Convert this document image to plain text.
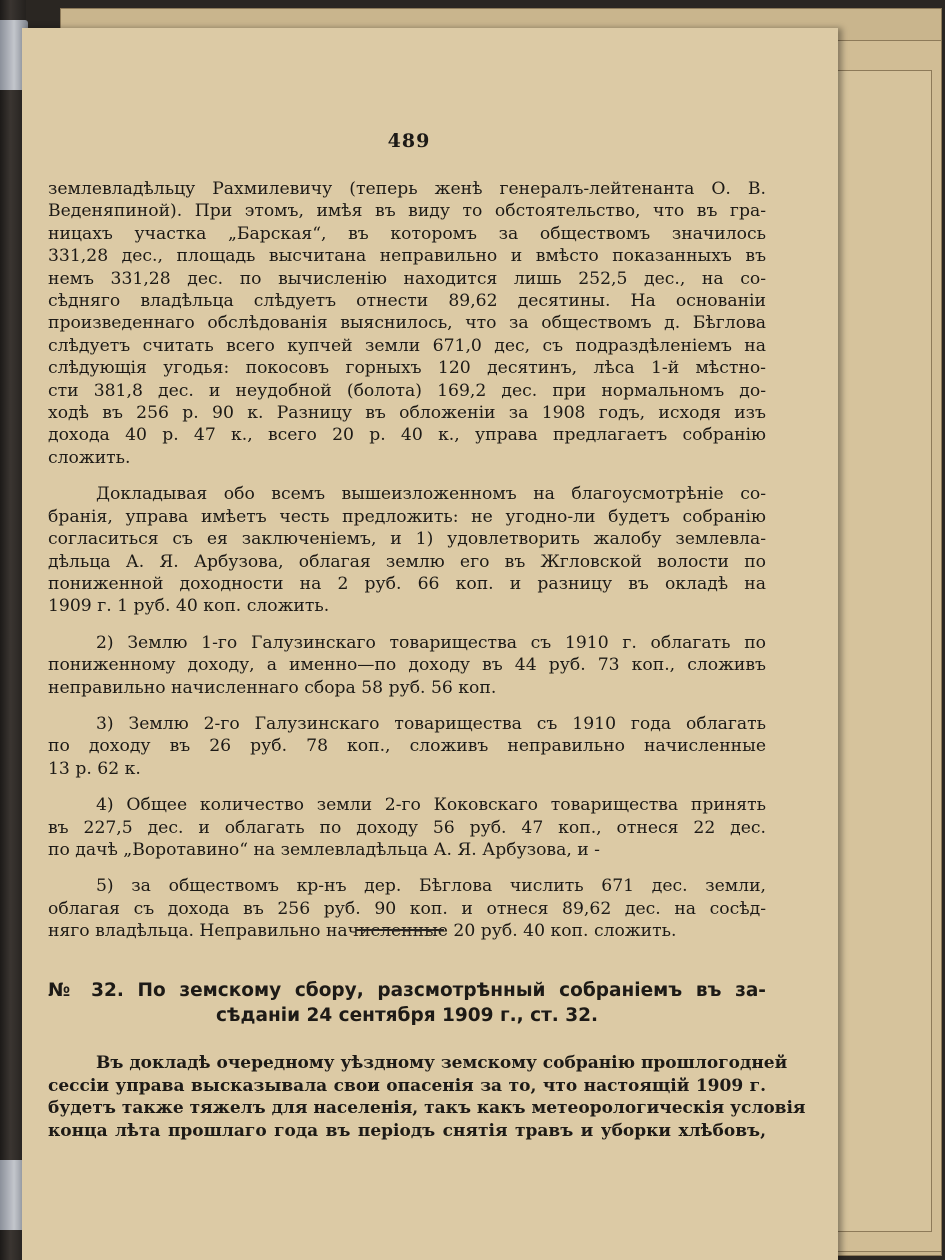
489
землевладѣльцу Рахмилевичу (теперь женѣ генералъ-лейтенанта О. В.
Веденяпиной). При этомъ, имѣя въ виду то обстоятельство, что въ гра-
ницахъ участка „Барская“, въ которомъ за обществомъ значилось
331,28 дес., площадь высчитана неправильно и вмѣсто показанныхъ въ
немъ 331,28 дес. по вычисленiю находится лишь 252,5 дес., на со-
сѣдняго владѣльца слѣдуетъ отнести 89,62 десятины. На основанiи
произведеннаго обслѣдованiя выяснилось, что за обществомъ д. Бѣглова
слѣдуетъ считать всего купчей земли 671,0 дес, съ подраздѣленiемъ на
слѣдующiя угодья: покосовъ горныхъ 120 десятинъ, лѣса 1-й мѣстно-
сти 381,8 дес. и неудобной (болота) 169,2 дес. при нормальномъ до-
ходѣ въ 256 р. 90 к. Разницу въ обложенiи за 1908 годъ, исходя изъ
дохода 40 р. 47 к., всего 20 р. 40 к., управа предлагаетъ собранiю
сложить.
Докладывая обо всемъ вышеизложенномъ на благоусмотрѣнiе со-
бранiя, управа имѣетъ честь предложить: не угодно-ли будетъ собранiю
согласиться съ ея заключенiемъ, и 1) удовлетворить жалобу землевла-
дѣльца А. Я. Арбузова, облагая землю его въ Жгловской волости по
пониженной доходности на 2 руб. 66 коп. и разницу въ окладѣ на
1909 г. 1 руб. 40 коп. сложить.
2) Землю 1-го Галузинскаго товарищества съ 1910 г. облагать по
пониженному доходу, а именно—по доходу въ 44 руб. 73 коп., сложивъ
неправильно начисленнаго сбора 58 руб. 56 коп.
3) Землю 2-го Галузинскаго товарищества съ 1910 года облагать
по доходу въ 26 руб. 78 коп., сложивъ неправильно начисленные
13 р. 62 к.
4) Общее количество земли 2-го Коковскаго товарищества принять
въ 227,5 дес. и облагать по доходу 56 руб. 47 коп., отнеся 22 дес.
по дачѣ „Воротавино“ на землевладѣльца А. Я. Арбузова, и -
5) за обществомъ кр-нъ дер. Бѣглова числить 671 дес. земли,
облагая съ дохода въ 256 руб. 90 коп. и отнеся 89,62 дес. на сосѣд-
няго владѣльца. Неправильно начисленные 20 руб. 40 коп. сложить.
№ 32. По земскому сбору, разсмотрѣнный собранiемъ въ за-
сѣданiи 24 сентября 1909 г., ст. 32.
Въ докладѣ очередному уѣздному земскому собранiю прошлогодней
сессiи управа высказывала свои опасенiя за то, что настоящiй 1909 г.
будетъ также тяжелъ для населенiя, такъ какъ метеорологическiя условiя
конца лѣта прошлаго года въ перiодъ снятiя травъ и уборки хлѣбовъ,
